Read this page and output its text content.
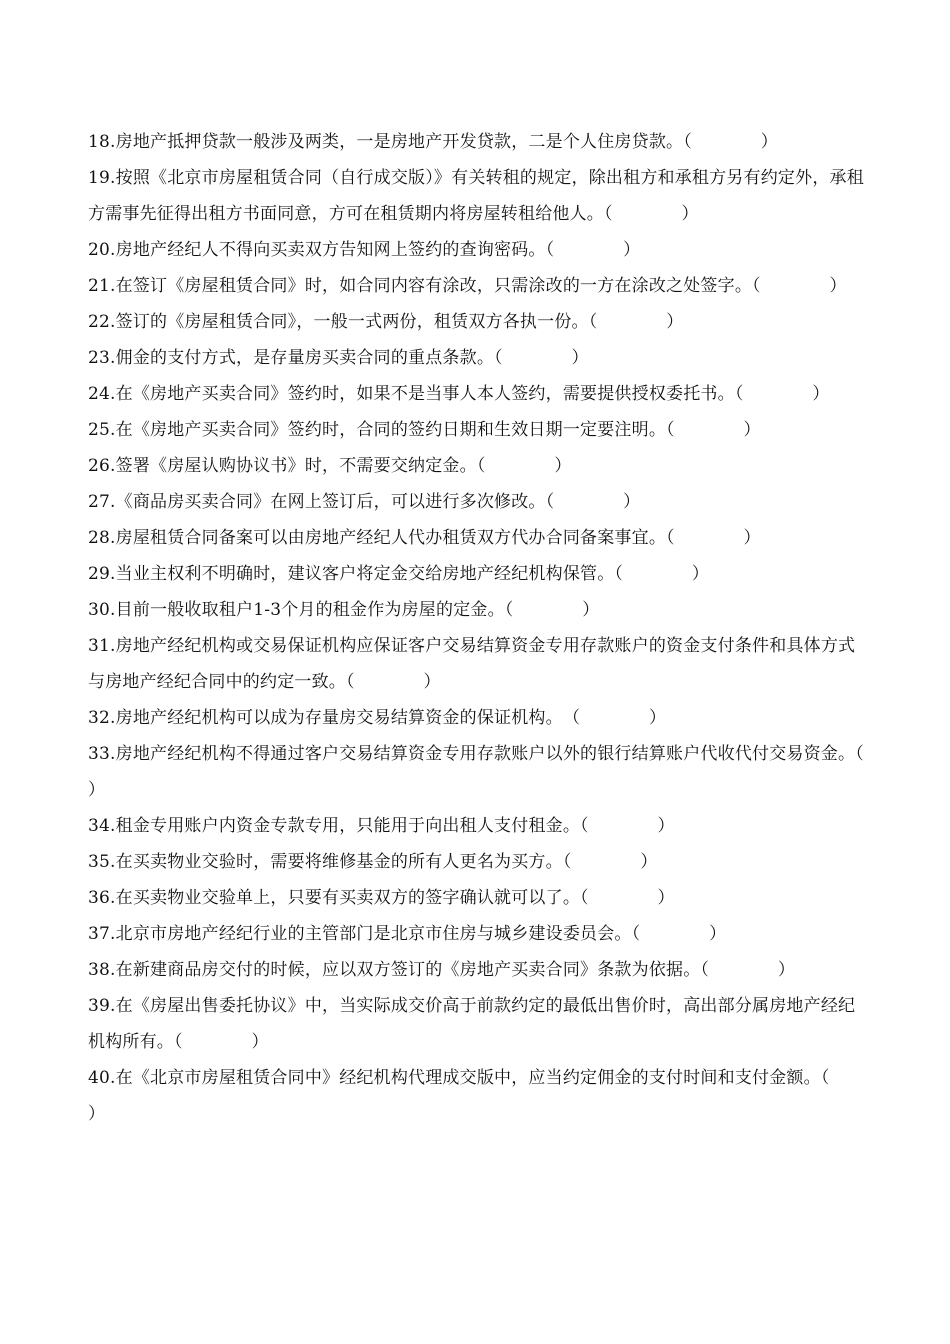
18.房地产抵押贷款一般涉及两类，一是房地产开发贷款，二是个人住房贷款。（　　　　）

19.按照《北京市房屋租赁合同（自行成交版）》有关转租的规定，除出租方和承租方另有约定外，承租方需事先征得出租方书面同意，方可在租赁期内将房屋转租给他人。（　　　　）

20.房地产经纪人不得向买卖双方告知网上签约的查询密码。（　　　　）

21.在签订《房屋租赁合同》时，如合同内容有涂改，只需涂改的一方在涂改之处签字。（　　　　）

22.签订的《房屋租赁合同》，一般一式两份，租赁双方各执一份。（　　　　）

23.佣金的支付方式，是存量房买卖合同的重点条款。（　　　　）

24.在《房地产买卖合同》签约时，如果不是当事人本人签约，需要提供授权委托书。（　　　　）

25.在《房地产买卖合同》签约时，合同的签约日期和生效日期一定要注明。（　　　　）

26.签署《房屋认购协议书》时，不需要交纳定金。（　　　　）

27.《商品房买卖合同》在网上签订后，可以进行多次修改。（　　　　）

28.房屋租赁合同备案可以由房地产经纪人代办租赁双方代办合同备案事宜。（　　　　）

29.当业主权利不明确时，建议客户将定金交给房地产经纪机构保管。（　　　　）

30.目前一般收取租户1-3个月的租金作为房屋的定金。（　　　　）

31.房地产经纪机构或交易保证机构应保证客户交易结算资金专用存款账户的资金支付条件和具体方式与房地产经纪合同中的约定一致。（　　　　）

32.房地产经纪机构可以成为存量房交易结算资金的保证机构。　（　　　　）

33.房地产经纪机构不得通过客户交易结算资金专用存款账户以外的银行结算账户代收代付交易资金。（　　　　）

34.租金专用账户内资金专款专用，只能用于向出租人支付租金。（　　　　）

35.在买卖物业交验时，需要将维修基金的所有人更名为买方。（　　　　）

36.在买卖物业交验单上，只要有买卖双方的签字确认就可以了。（　　　　）

37.北京市房地产经纪行业的主管部门是北京市住房与城乡建设委员会。（　　　　）

38.在新建商品房交付的时候，应以双方签订的《房地产买卖合同》条款为依据。（　　　　）

39.在《房屋出售委托协议》中，当实际成交价高于前款约定的最低出售价时，高出部分属房地产经纪机构所有。（　　　　）

40.在《北京市房屋租赁合同中》经纪机构代理成交版中，应当约定佣金的支付时间和支付金额。（　　　　）
